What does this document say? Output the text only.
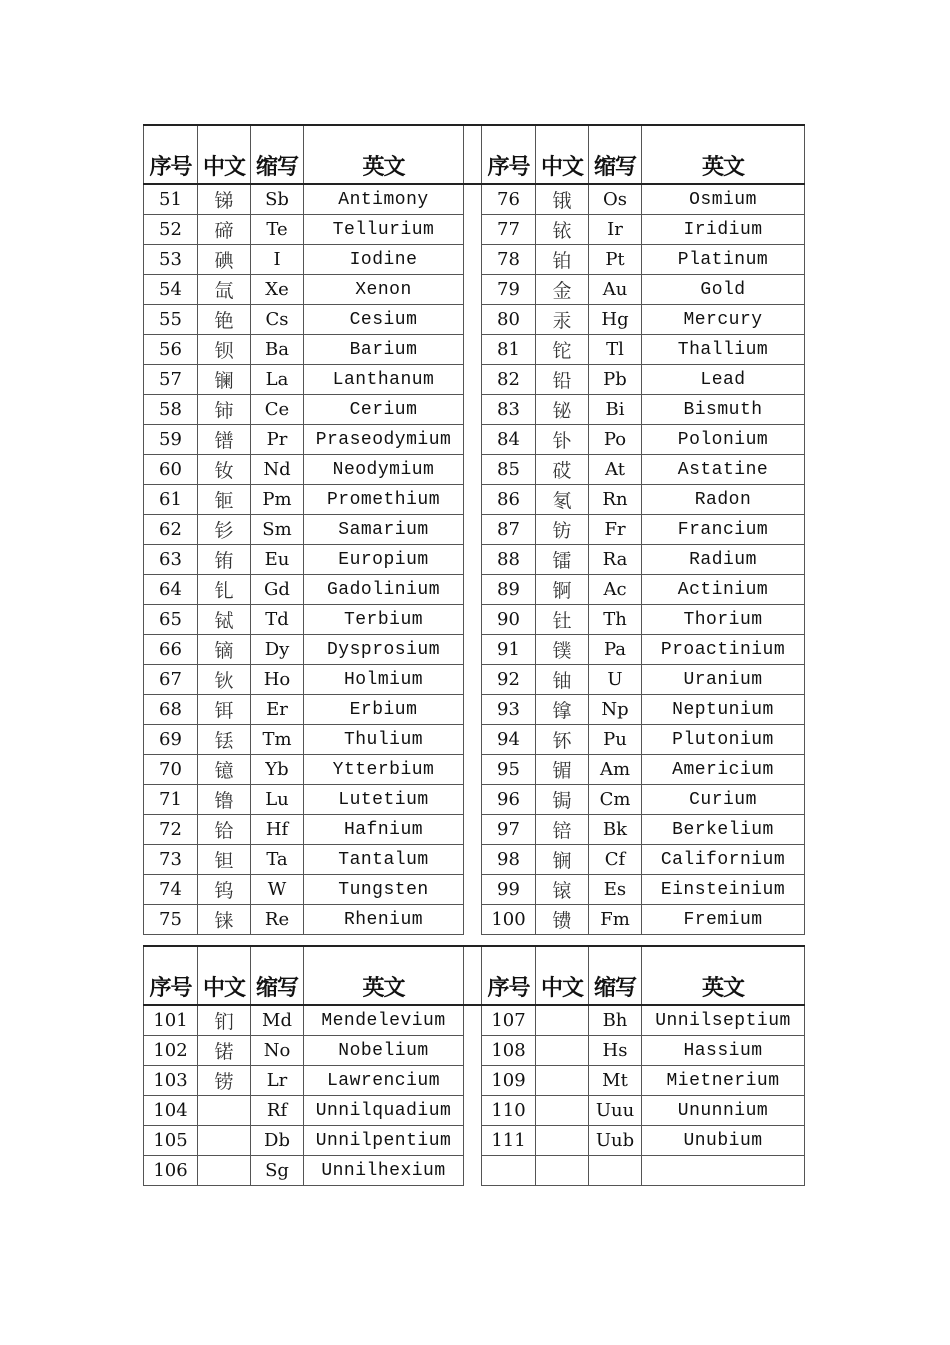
序号	中文	缩写	英文		序号	中文	缩写	英文
51	锑	Sb	Antimony		76	锇	Os	Osmium
52	碲	Te	Tellurium		77	铱	Ir	Iridium
53	碘	I	Iodine		78	铂	Pt	Platinum
54	氙	Xe	Xenon		79	金	Au	Gold
55	铯	Cs	Cesium		80	汞	Hg	Mercury
56	钡	Ba	Barium		81	铊	Tl	Thallium
57	镧	La	Lanthanum		82	铅	Pb	Lead
58	铈	Ce	Cerium		83	铋	Bi	Bismuth
59	镨	Pr	Praseodymium		84	钋	Po	Polonium
60	钕	Nd	Neodymium		85	砹	At	Astatine
61	钷	Pm	Promethium		86	氡	Rn	Radon
62	钐	Sm	Samarium		87	钫	Fr	Francium
63	铕	Eu	Europium		88	镭	Ra	Radium
64	钆	Gd	Gadolinium		89	锕	Ac	Actinium
65	铽	Td	Terbium		90	钍	Th	Thorium
66	镝	Dy	Dysprosium		91	镤	Pa	Proactinium
67	钬	Ho	Holmium		92	铀	U	Uranium
68	铒	Er	Erbium		93	镎	Np	Neptunium
69	铥	Tm	Thulium		94	钚	Pu	Plutonium
70	镱	Yb	Ytterbium		95	镅	Am	Americium
71	镥	Lu	Lutetium		96	锔	Cm	Curium
72	铪	Hf	Hafnium		97	锫	Bk	Berkelium
73	钽	Ta	Tantalum		98	锎	Cf	Californium
74	钨	W	Tungsten		99	锿	Es	Einsteinium
75	铼	Re	Rhenium		100	镄	Fm	Fremium
序号	中文	缩写	英文		序号	中文	缩写	英文
101	钔	Md	Mendelevium		107		Bh	Unnilseptium
102	锘	No	Nobelium		108		Hs	Hassium
103	铹	Lr	Lawrencium		109		Mt	Mietnerium
104		Rf	Unnilquadium		110		Uuu	Ununnium
105		Db	Unnilpentium		111		Uub	Unubium
106		Sg	Unnilhexium					
